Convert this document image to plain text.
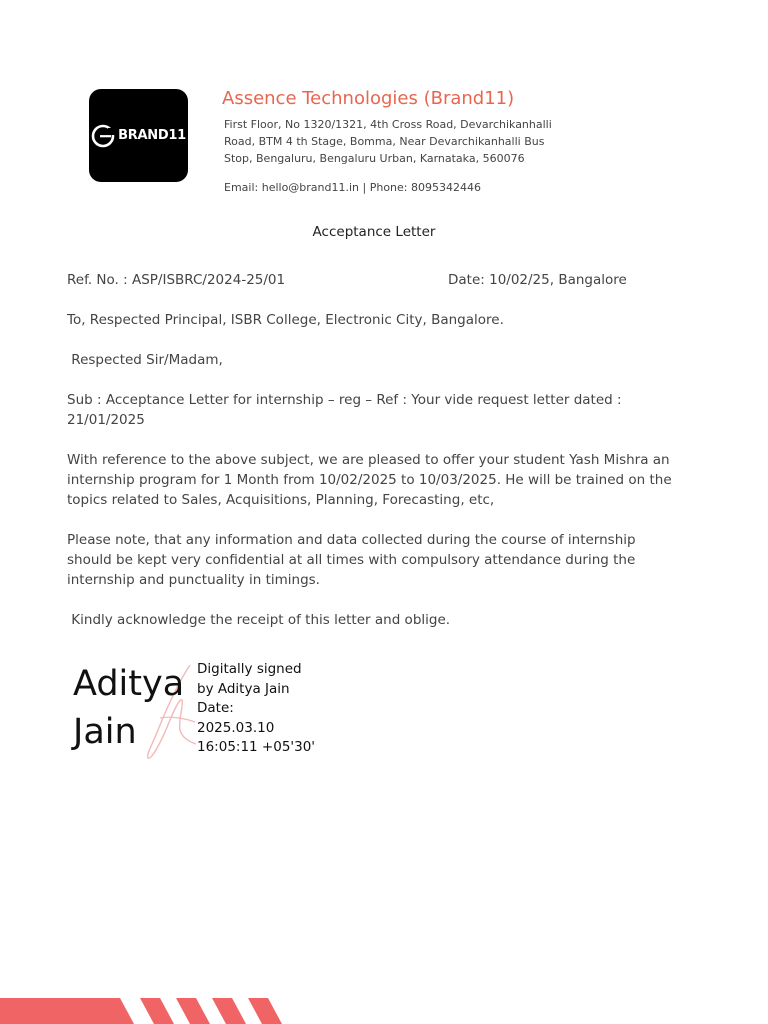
BRAND11
Assence Technologies (Brand11)
First Floor, No 1320/1321, 4th Cross Road, Devarchikanhalli
Road, BTM 4 th Stage, Bomma, Near Devarchikanhalli Bus
Stop, Bengaluru, Bengaluru Urban, Karnataka, 560076
Email: hello@brand11.in | Phone: 8095342446
Acceptance Letter
Ref. No. : ASP/ISBRC/2024-25/01	Date: 10/02/25, Bangalore
To, Respected Principal, ISBR College, Electronic City, Bangalore.
Respected Sir/Madam,
Sub : Acceptance Letter for internship – reg – Ref : Your vide request letter dated : 21/01/2025
With reference to the above subject, we are pleased to offer your student Yash Mishra an internship program for 1 Month from 10/02/2025 to 10/03/2025. He will be trained on the topics related to Sales, Acquisitions, Planning, Forecasting, etc,
Please note, that any information and data collected during the course of internship should be kept very confidential at all times with compulsory attendance during the internship and punctuality in timings.
Kindly acknowledge the receipt of this letter and oblige.
Aditya
Jain
Digitally signed
by Aditya Jain
Date:
2025.03.10
16:05:11 +05'30'
